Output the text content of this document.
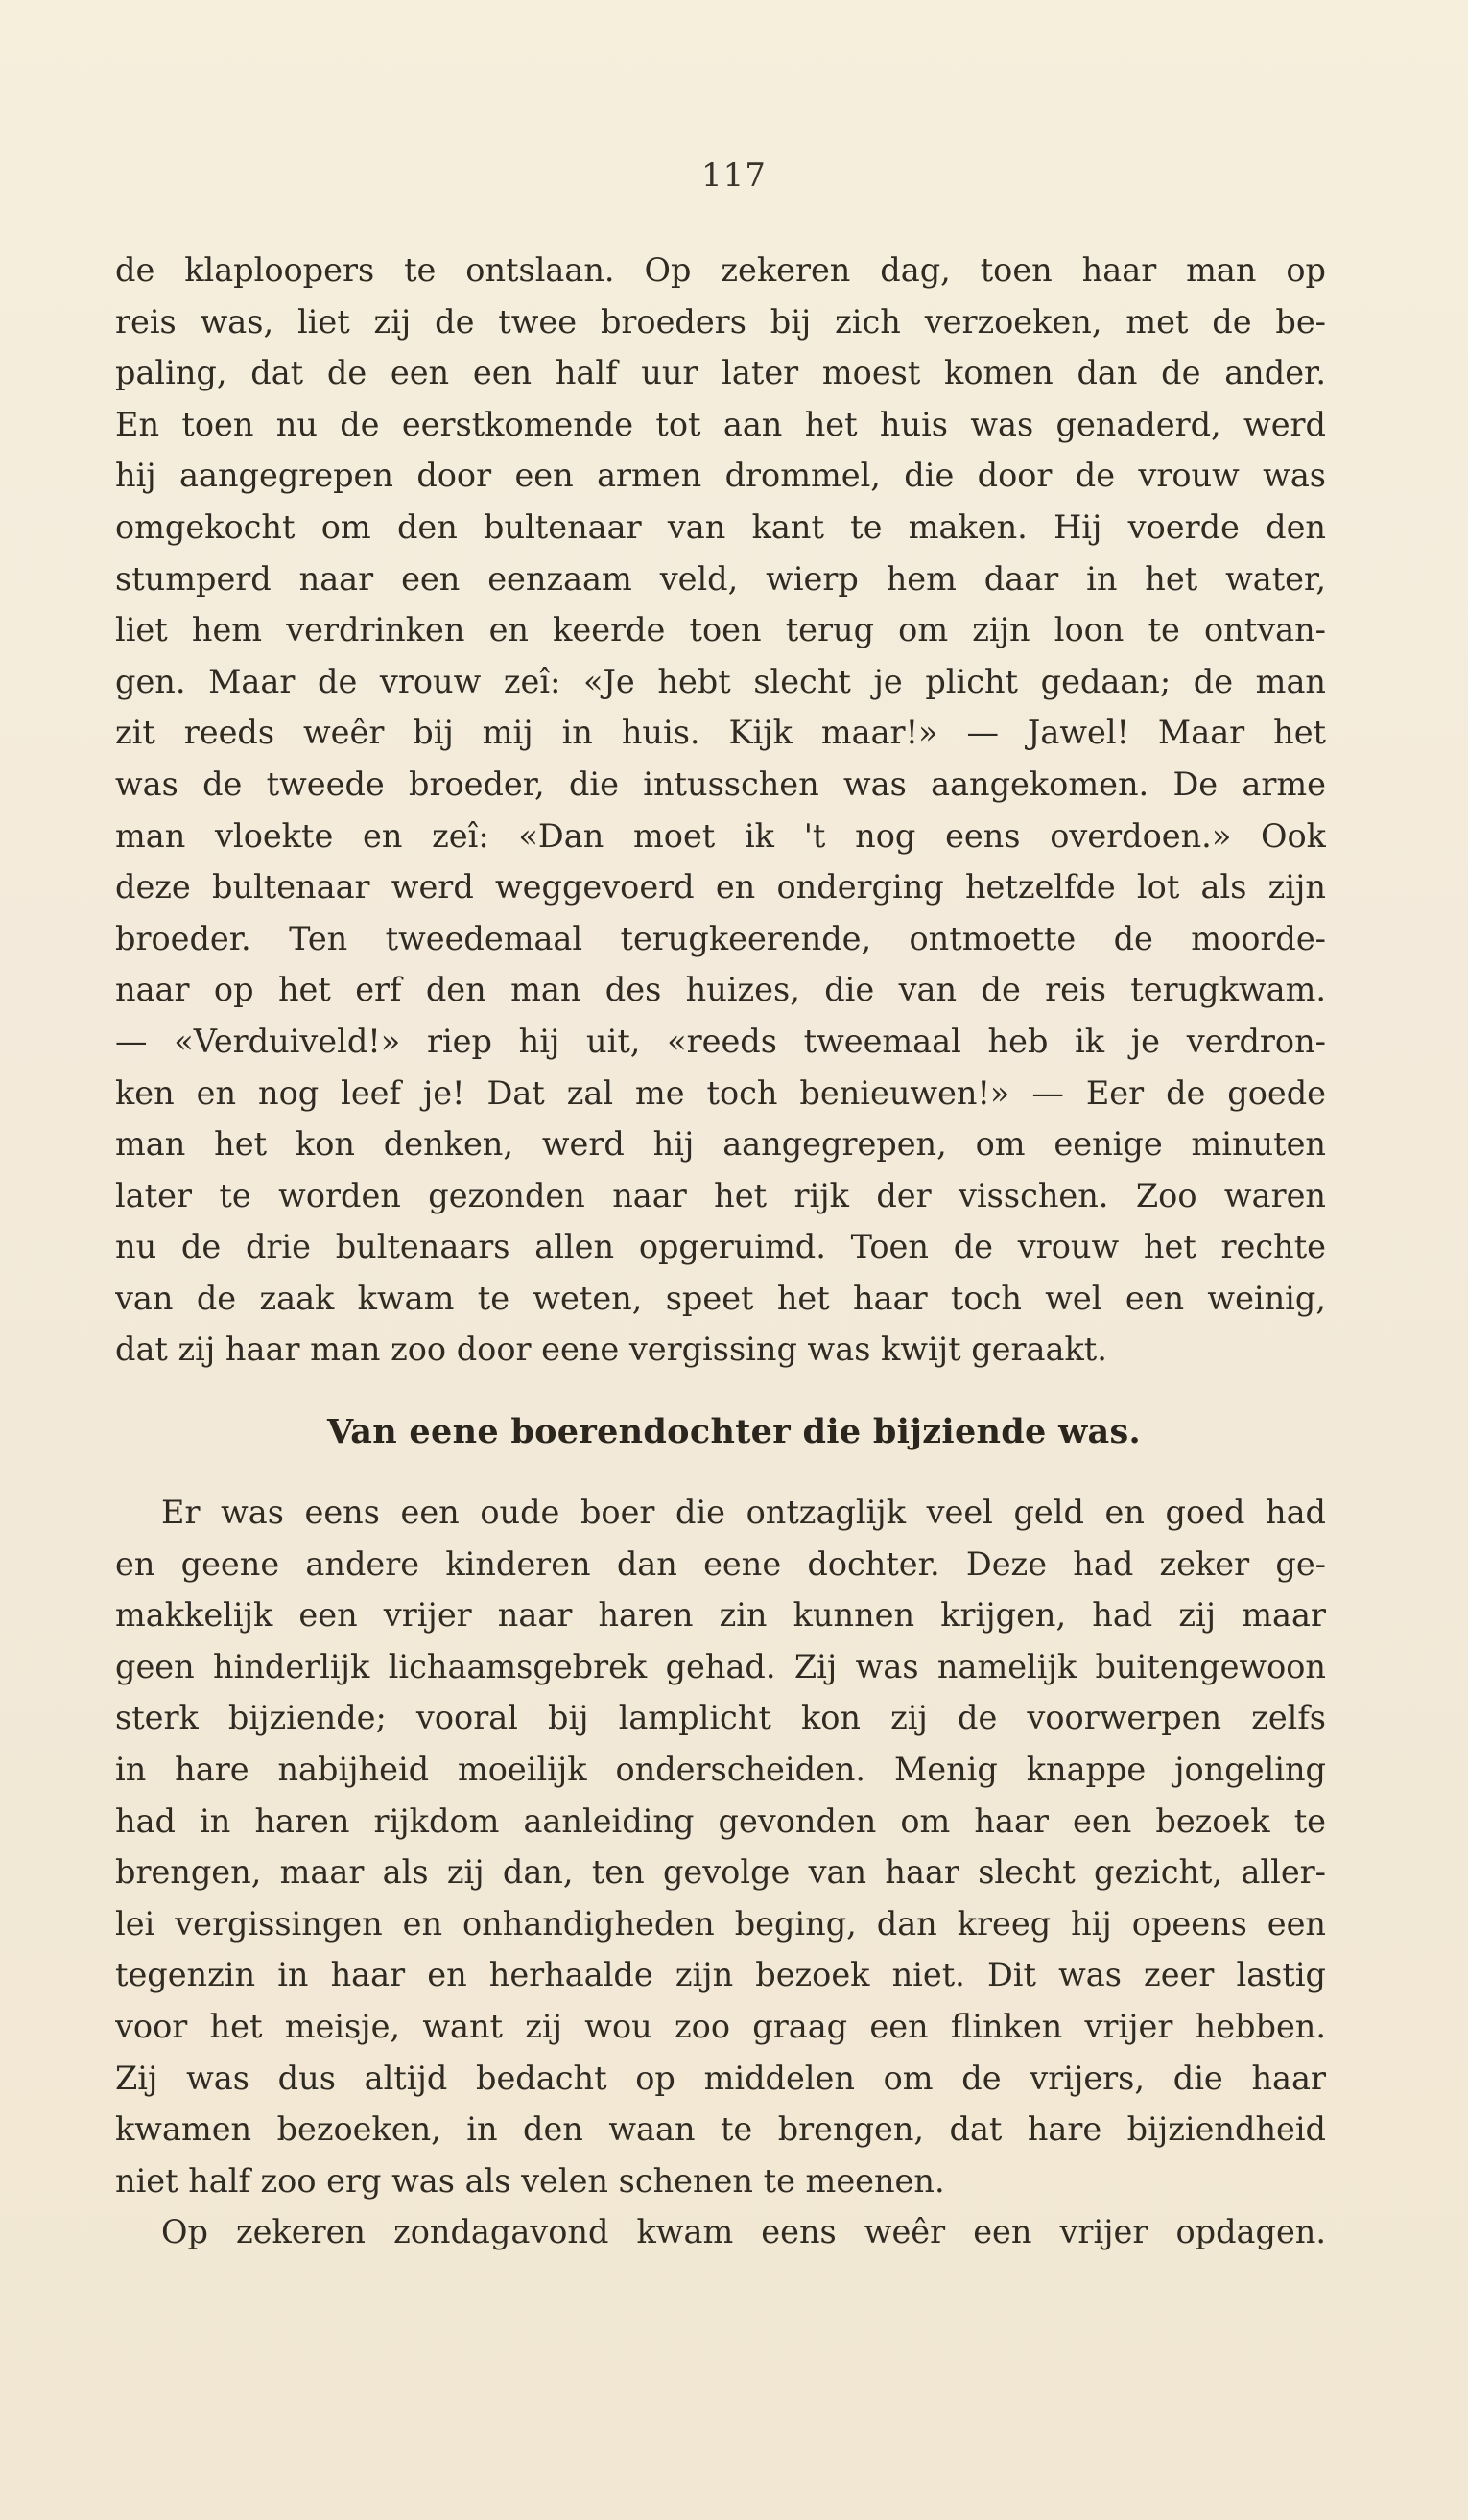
117
de klaploopers te ontslaan. Op zekeren dag, toen haar man op
reis was, liet zij de twee broeders bij zich verzoeken, met de be-
paling, dat de een een half uur later moest komen dan de ander.
En toen nu de eerstkomende tot aan het huis was genaderd, werd
hij aangegrepen door een armen drommel, die door de vrouw was
omgekocht om den bultenaar van kant te maken. Hij voerde den
stumperd naar een eenzaam veld, wierp hem daar in het water,
liet hem verdrinken en keerde toen terug om zijn loon te ontvan-
gen. Maar de vrouw zeî: «Je hebt slecht je plicht gedaan; de man
zit reeds weêr bij mij in huis. Kijk maar!» — Jawel! Maar het
was de tweede broeder, die intusschen was aangekomen. De arme
man vloekte en zeî: «Dan moet ik 't nog eens overdoen.» Ook
deze bultenaar werd weggevoerd en onderging hetzelfde lot als zijn
broeder. Ten tweedemaal terugkeerende, ontmoette de moorde-
naar op het erf den man des huizes, die van de reis terugkwam.
— «Verduiveld!» riep hij uit, «reeds tweemaal heb ik je verdron-
ken en nog leef je! Dat zal me toch benieuwen!» — Eer de goede
man het kon denken, werd hij aangegrepen, om eenige minuten
later te worden gezonden naar het rijk der visschen. Zoo waren
nu de drie bultenaars allen opgeruimd. Toen de vrouw het rechte
van de zaak kwam te weten, speet het haar toch wel een weinig,
dat zij haar man zoo door eene vergissing was kwijt geraakt.
Van eene boerendochter die bijziende was.
Er was eens een oude boer die ontzaglijk veel geld en goed had
en geene andere kinderen dan eene dochter. Deze had zeker ge-
makkelijk een vrijer naar haren zin kunnen krijgen, had zij maar
geen hinderlijk lichaamsgebrek gehad. Zij was namelijk buitengewoon
sterk bijziende; vooral bij lamplicht kon zij de voorwerpen zelfs
in hare nabijheid moeilijk onderscheiden. Menig knappe jongeling
had in haren rijkdom aanleiding gevonden om haar een bezoek te
brengen, maar als zij dan, ten gevolge van haar slecht gezicht, aller-
lei vergissingen en onhandigheden beging, dan kreeg hij opeens een
tegenzin in haar en herhaalde zijn bezoek niet. Dit was zeer lastig
voor het meisje, want zij wou zoo graag een flinken vrijer hebben.
Zij was dus altijd bedacht op middelen om de vrijers, die haar
kwamen bezoeken, in den waan te brengen, dat hare bijziendheid
niet half zoo erg was als velen schenen te meenen.
Op zekeren zondagavond kwam eens weêr een vrijer opdagen.
